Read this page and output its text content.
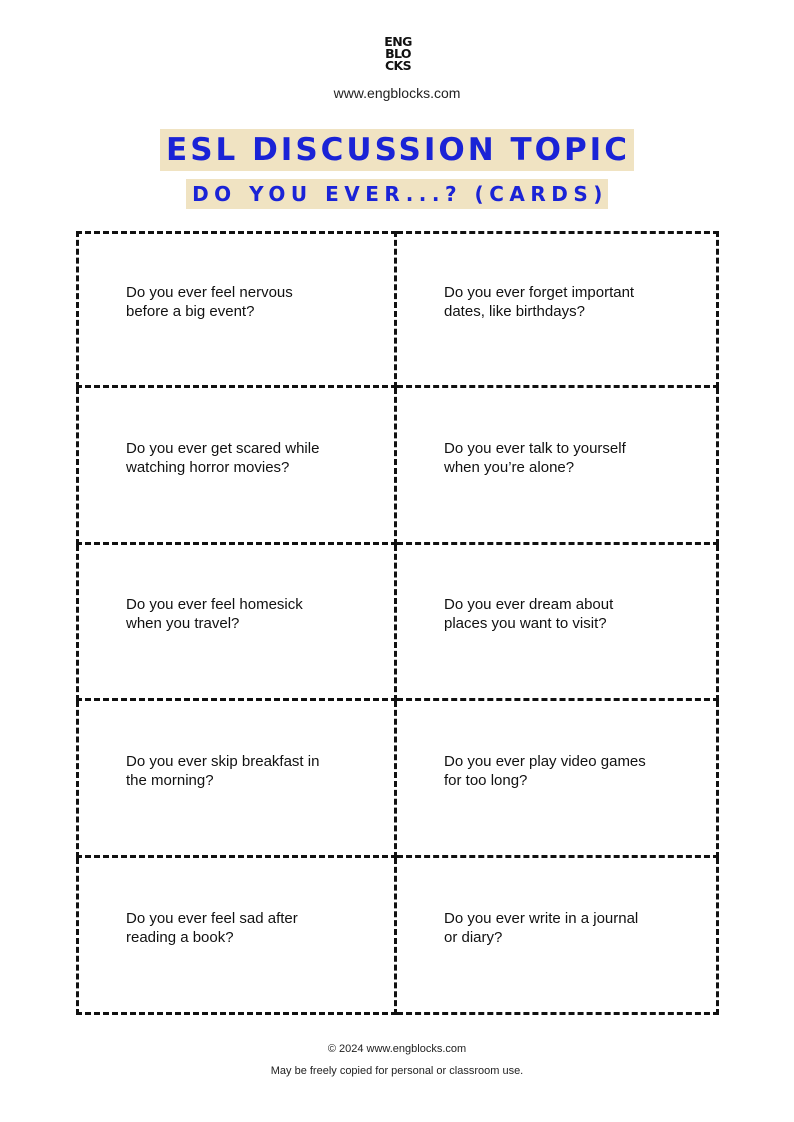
ENG
BLO
CKS
www.engblocks.com
ESL DISCUSSION TOPIC
DO YOU EVER...? (CARDS)
Do you ever feel nervous
before a big event?
Do you ever forget important
dates, like birthdays?
Do you ever get scared while
watching horror movies?
Do you ever talk to yourself
when you’re alone?
Do you ever feel homesick
when you travel?
Do you ever dream about
places you want to visit?
Do you ever skip breakfast in
the morning?
Do you ever play video games
for too long?
Do you ever feel sad after
reading a book?
Do you ever write in a journal
or diary?
© 2024 www.engblocks.com
May be freely copied for personal or classroom use.
